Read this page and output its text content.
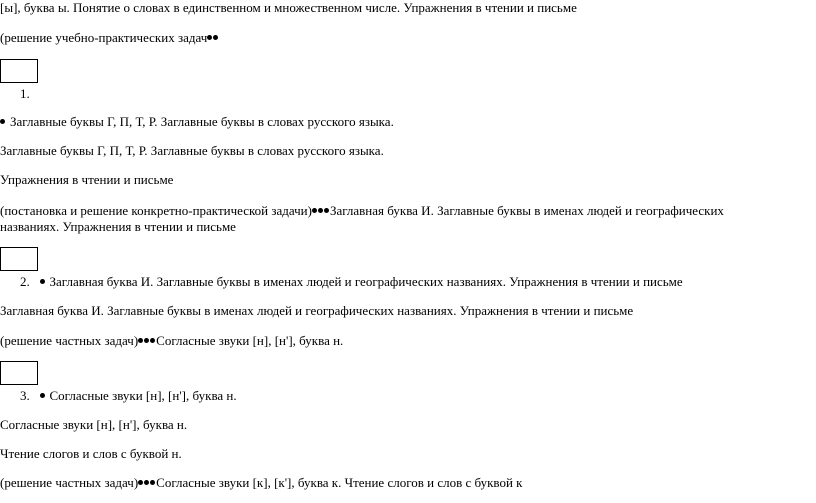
[ы], буква ы. Понятие о словах в единственном и множественном числе. Упражнения в чтении и письме
(решение учебно-практических задач
1.
Заглавные буквы Г, П, Т, Р. Заглавные буквы в словах русского языка.
Заглавные буквы Г, П, Т, Р. Заглавные буквы в словах русского языка.
Упражнения в чтении и письме
(постановка и решение конкретно-практической задачи) Заглавная буква И. Заглавные буквы в именах людей и географических названиях. Упражнения в чтении и письме
2. Заглавная буква И. Заглавные буквы в именах людей и географических названиях. Упражнения в чтении и письме
Заглавная буква И. Заглавные буквы в именах людей и географических названиях. Упражнения в чтении и письме
(решение частных задач) Согласные звуки [н], [н'], буква н.
3. Согласные звуки [н], [н'], буква н.
Согласные звуки [н], [н'], буква н.
Чтение слогов и слов с буквой н.
(решение частных задач) Согласные звуки [к], [к'], буква к. Чтение слогов и слов с буквой к
